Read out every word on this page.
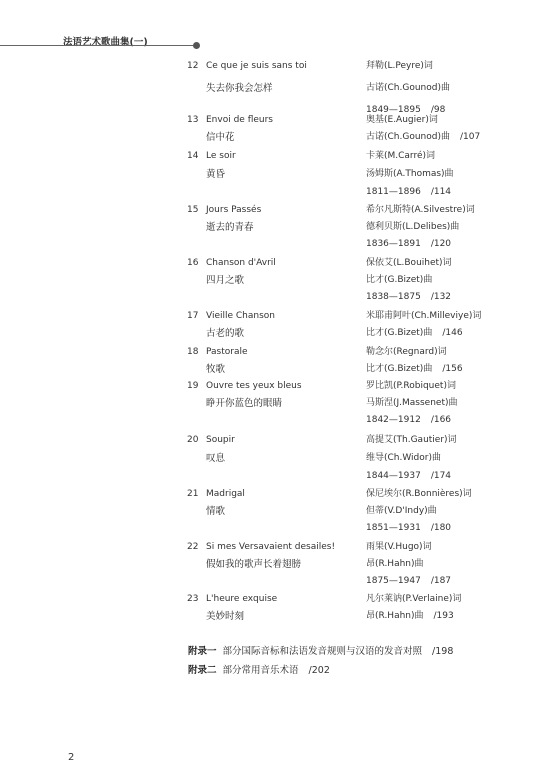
法语艺术歌曲集(一)
12 Ce que je suis sans toi
失去你我会怎样
拜勒(L.Peyre)词
古诺(Ch.Gounod)曲
1849—1895 /98
13 Envoi de fleurs
信中花
奥基(E.Augier)词
古诺(Ch.Gounod)曲 /107
14 Le soir
黄昏
卡莱(M.Carré)词
汤姆斯(A.Thomas)曲
1811—1896 /114
15 Jours Passés
逝去的青春
希尔凡斯特(A.Silvestre)词
德利贝斯(L.Delibes)曲
1836—1891 /120
16 Chanson d'Avril
四月之歌
保依艾(L.Bouihet)词
比才(G.Bizet)曲
1838—1875 /132
17 Vieille Chanson
古老的歌
米耶甫阿叶(Ch.Milleviye)词
比才(G.Bizet)曲 /146
18 Pastorale
牧歌
勒念尔(Regnard)词
比才(G.Bizet)曲 /156
19 Ouvre tes yeux bleus
睁开你蓝色的眼睛
罗比凯(P.Robiquet)词
马斯涅(J.Massenet)曲
1842—1912 /166
20 Soupir
叹息
高提艾(Th.Gautier)词
维导(Ch.Widor)曲
1844—1937 /174
21 Madrigal
情歌
保尼埃尔(R.Bonnières)词
但蒂(V.D'Indy)曲
1851—1931 /180
22 Si mes Versavaient desailes!
假如我的歌声长着翅膀
雨果(V.Hugo)词
昂(R.Hahn)曲
1875—1947 /187
23 L'heure exquise
美妙时刻
凡尔莱讷(P.Verlaine)词
昂(R.Hahn)曲 /193
附录一 部分国际音标和法语发音规则与汉语的发音对照 /198
附录二 部分常用音乐术语 /202
2
